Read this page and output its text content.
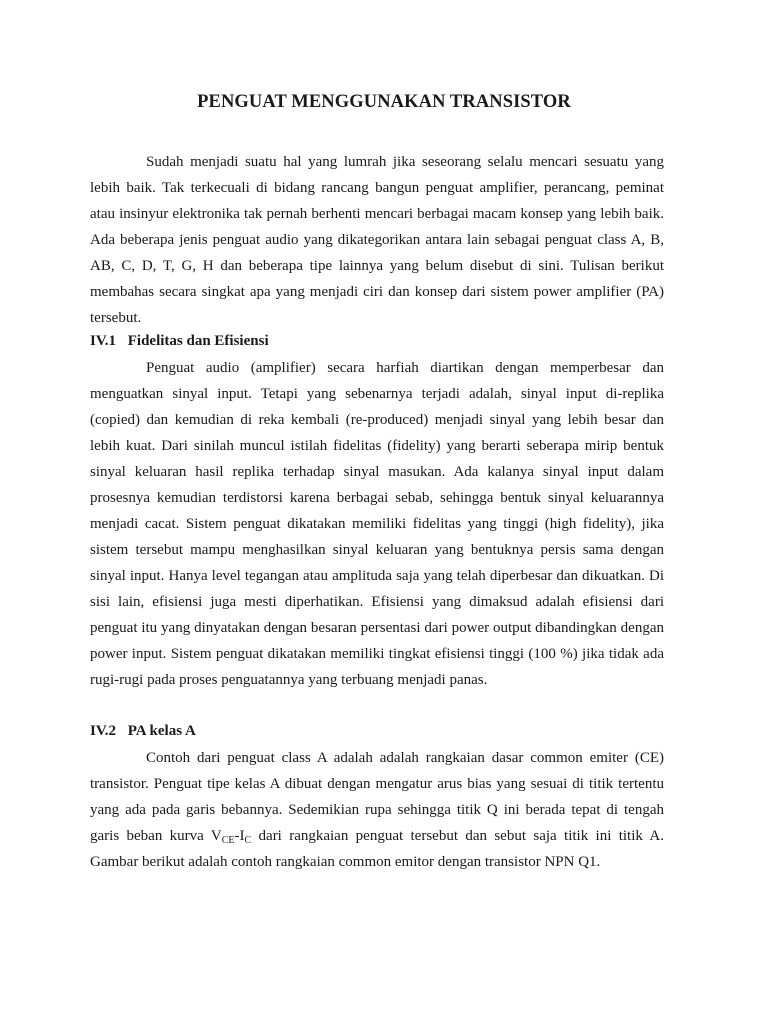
PENGUAT MENGGUNAKAN TRANSISTOR

Sudah menjadi suatu hal yang lumrah jika seseorang selalu mencari sesuatu yang lebih baik. Tak terkecuali di bidang rancang bangun penguat amplifier, perancang, peminat atau insinyur elektronika tak pernah berhenti mencari berbagai macam konsep yang lebih baik. Ada beberapa jenis penguat audio yang dikategorikan antara lain sebagai penguat class A, B, AB, C, D, T, G, H dan beberapa tipe lainnya yang belum disebut di sini. Tulisan berikut membahas secara singkat apa yang menjadi ciri dan konsep dari sistem power amplifier (PA) tersebut.

IV.1 Fidelitas dan Efisiensi

Penguat audio (amplifier) secara harfiah diartikan dengan memperbesar dan menguatkan sinyal input. Tetapi yang sebenarnya terjadi adalah, sinyal input di-replika (copied) dan kemudian di reka kembali (re-produced) menjadi sinyal yang lebih besar dan lebih kuat. Dari sinilah muncul istilah fidelitas (fidelity) yang berarti seberapa mirip bentuk sinyal keluaran hasil replika terhadap sinyal masukan. Ada kalanya sinyal input dalam prosesnya kemudian terdistorsi karena berbagai sebab, sehingga bentuk sinyal keluarannya menjadi cacat. Sistem penguat dikatakan memiliki fidelitas yang tinggi (high fidelity), jika sistem tersebut mampu menghasilkan sinyal keluaran yang bentuknya persis sama dengan sinyal input. Hanya level tegangan atau amplituda saja yang telah diperbesar dan dikuatkan. Di sisi lain, efisiensi juga mesti diperhatikan. Efisiensi yang dimaksud adalah efisiensi dari penguat itu yang dinyatakan dengan besaran persentasi dari power output dibandingkan dengan power input. Sistem penguat dikatakan memiliki tingkat efisiensi tinggi (100 %) jika tidak ada rugi-rugi pada proses penguatannya yang terbuang menjadi panas.

IV.2 PA kelas A

Contoh dari penguat class A adalah adalah rangkaian dasar common emiter (CE) transistor. Penguat tipe kelas A dibuat dengan mengatur arus bias yang sesuai di titik tertentu yang ada pada garis bebannya. Sedemikian rupa sehingga titik Q ini berada tepat di tengah garis beban kurva $V_{CE}-I_C$ dari rangkaian penguat tersebut dan sebut saja titik ini titik A. Gambar berikut adalah contoh rangkaian common emitor dengan transistor NPN Q1.
